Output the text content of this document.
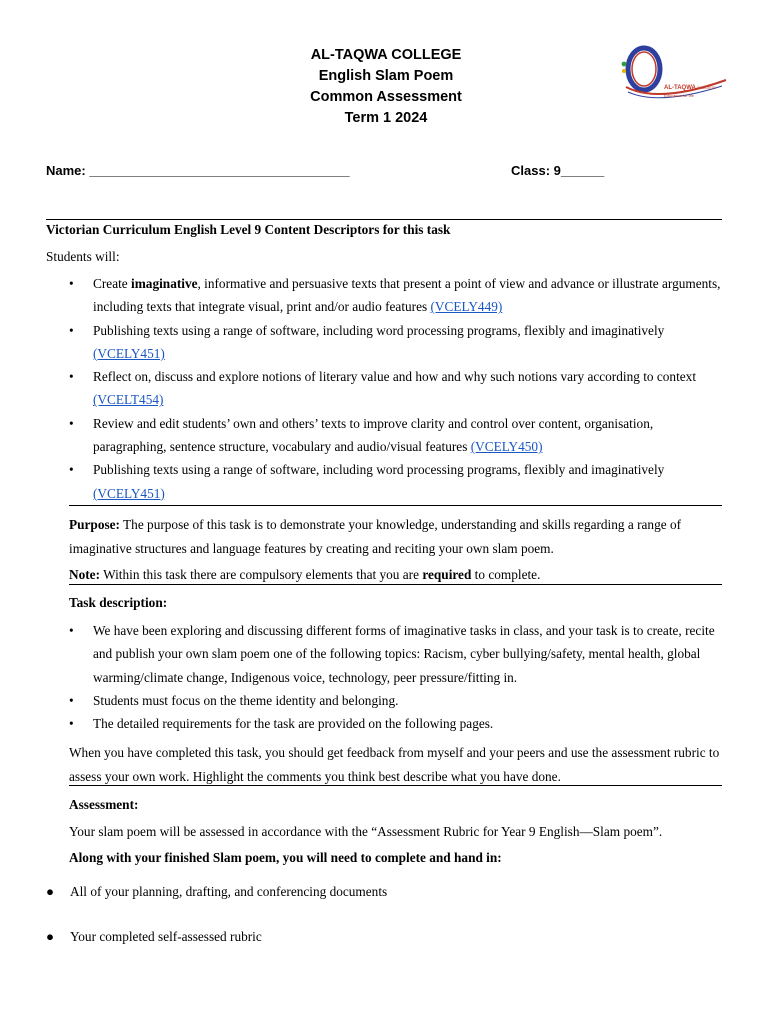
AL-TAQWA COLLEGE
English Slam Poem
Common Assessment
Term 1 2024
AL-TAQWA COLLEGE
Education for life
Name: ____________________________________	Class: 9______
Victorian Curriculum English Level 9 Content Descriptors for this task
Students will:
• Create imaginative, informative and persuasive texts that present a point of view and advance or illustrate arguments, including texts that integrate visual, print and/or audio features (VCELY449)
• Publishing texts using a range of software, including word processing programs, flexibly and imaginatively (VCELY451)
• Reflect on, discuss and explore notions of literary value and how and why such notions vary according to context (VCELT454)
• Review and edit students’ own and others’ texts to improve clarity and control over content, organisation, paragraphing, sentence structure, vocabulary and audio/visual features (VCELY450)
• Publishing texts using a range of software, including word processing programs, flexibly and imaginatively (VCELY451)
Purpose: The purpose of this task is to demonstrate your knowledge, understanding and skills regarding a range of imaginative structures and language features by creating and reciting your own slam poem.
Note: Within this task there are compulsory elements that you are required to complete.
Task description:
• We have been exploring and discussing different forms of imaginative tasks in class, and your task is to create, recite and publish your own slam poem one of the following topics: Racism, cyber bullying/safety, mental health, global warming/climate change, Indigenous voice, technology, peer pressure/fitting in.
• Students must focus on the theme identity and belonging.
• The detailed requirements for the task are provided on the following pages.
When you have completed this task, you should get feedback from myself and your peers and use the assessment rubric to assess your own work. Highlight the comments you think best describe what you have done.
Assessment:
Your slam poem will be assessed in accordance with the “Assessment Rubric for Year 9 English—Slam poem”.
Along with your finished Slam poem, you will need to complete and hand in:
● All of your planning, drafting, and conferencing documents
● Your completed self-assessed rubric
